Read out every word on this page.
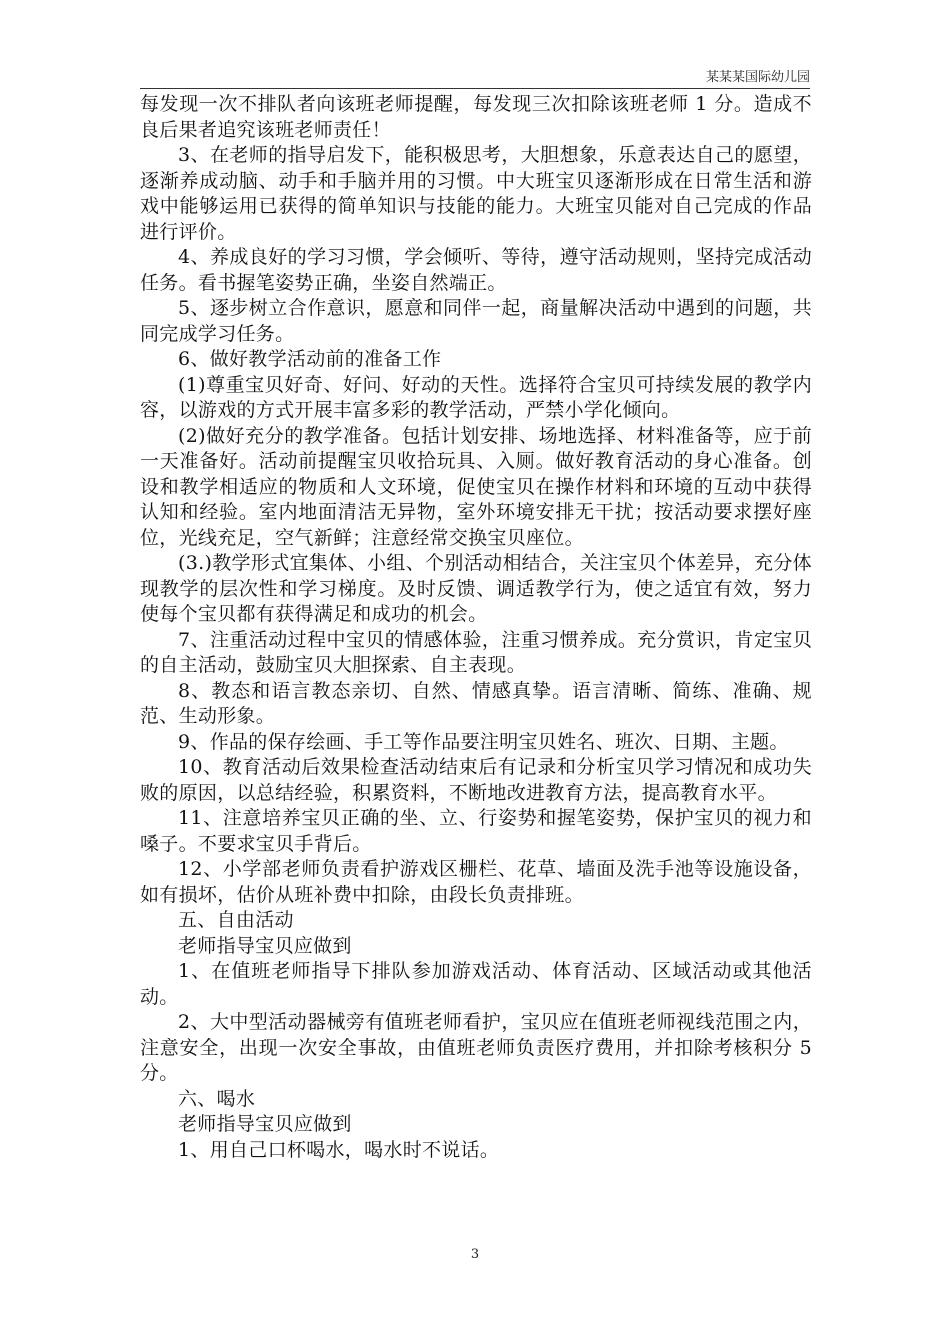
某某某国际幼儿园

每发现一次不排队者向该班老师提醒，每发现三次扣除该班老师 1 分。造成不良后果者追究该班老师责任！

3、在老师的指导启发下，能积极思考，大胆想象，乐意表达自己的愿望，逐渐养成动脑、动手和手脑并用的习惯。中大班宝贝逐渐形成在日常生活和游戏中能够运用已获得的简单知识与技能的能力。大班宝贝能对自己完成的作品进行评价。

4、养成良好的学习习惯，学会倾听、等待，遵守活动规则，坚持完成活动任务。看书握笔姿势正确，坐姿自然端正。

5、逐步树立合作意识，愿意和同伴一起，商量解决活动中遇到的问题，共同完成学习任务。

6、做好教学活动前的准备工作

(1)尊重宝贝好奇、好问、好动的天性。选择符合宝贝可持续发展的教学内容，以游戏的方式开展丰富多彩的教学活动，严禁小学化倾向。

(2)做好充分的教学准备。包括计划安排、场地选择、材料准备等，应于前一天准备好。活动前提醒宝贝收拾玩具、入厕。做好教育活动的身心准备。创设和教学相适应的物质和人文环境，促使宝贝在操作材料和环境的互动中获得认知和经验。室内地面清洁无异物，室外环境安排无干扰；按活动要求摆好座位，光线充足，空气新鲜；注意经常交换宝贝座位。

(3.)教学形式宜集体、小组、个别活动相结合，关注宝贝个体差异，充分体现教学的层次性和学习梯度。及时反馈、调适教学行为，使之适宜有效，努力使每个宝贝都有获得满足和成功的机会。

7、注重活动过程中宝贝的情感体验，注重习惯养成。充分赏识，肯定宝贝的自主活动，鼓励宝贝大胆探索、自主表现。

8、教态和语言教态亲切、自然、情感真挚。语言清晰、简练、准确、规范、生动形象。

9、作品的保存绘画、手工等作品要注明宝贝姓名、班次、日期、主题。

10、教育活动后效果检查活动结束后有记录和分析宝贝学习情况和成功失败的原因，以总结经验，积累资料，不断地改进教育方法，提高教育水平。

11、注意培养宝贝正确的坐、立、行姿势和握笔姿势，保护宝贝的视力和嗓子。不要求宝贝手背后。

12、小学部老师负责看护游戏区栅栏、花草、墙面及洗手池等设施设备，如有损坏，估价从班补费中扣除，由段长负责排班。

五、自由活动

老师指导宝贝应做到

1、在值班老师指导下排队参加游戏活动、体育活动、区域活动或其他活动。

2、大中型活动器械旁有值班老师看护，宝贝应在值班老师视线范围之内，注意安全，出现一次安全事故，由值班老师负责医疗费用，并扣除考核积分 5 分。

六、喝水

老师指导宝贝应做到

1、用自己口杯喝水，喝水时不说话。

3
